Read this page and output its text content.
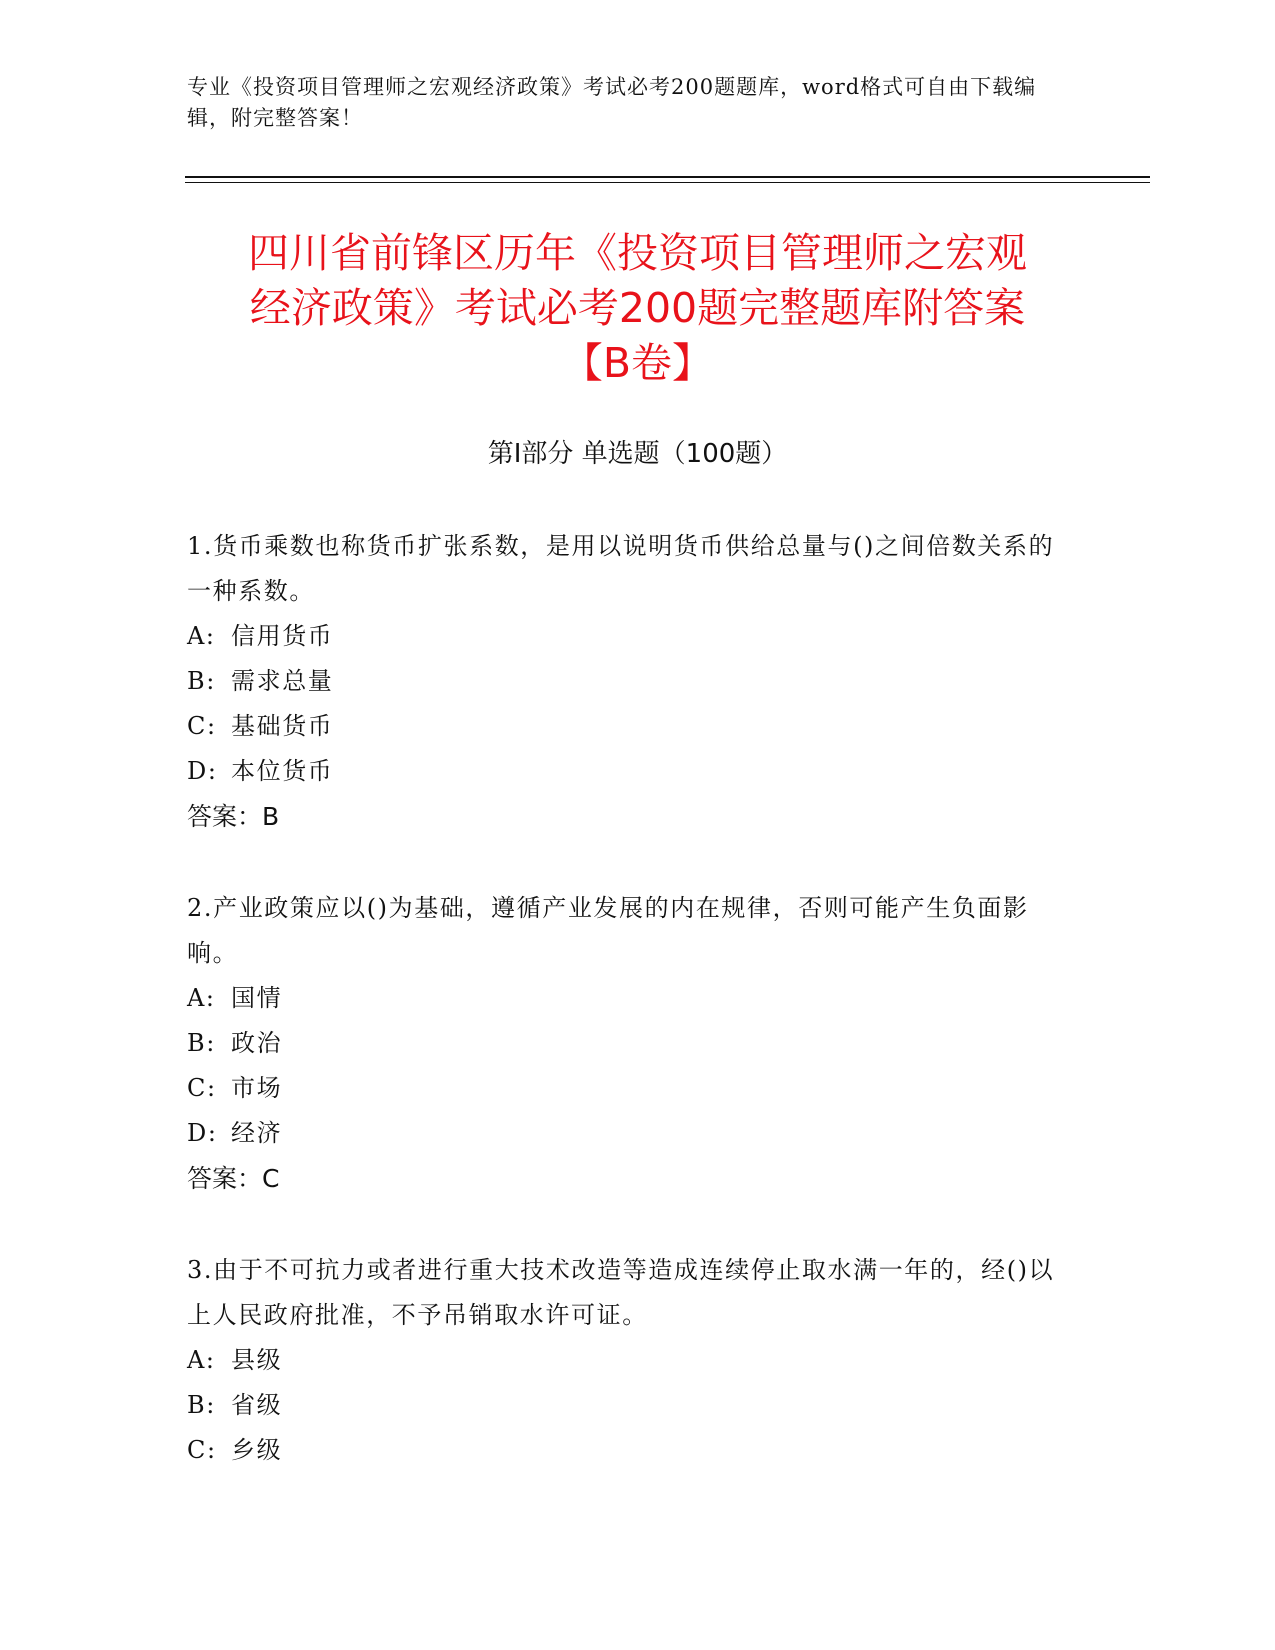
专业《投资项目管理师之宏观经济政策》考试必考200题题库，word格式可自由下载编辑，附完整答案！
四川省前锋区历年《投资项目管理师之宏观
经济政策》考试必考200题完整题库附答案
【B卷】
第Ⅰ部分 单选题（100题）

1.货币乘数也称货币扩张系数，是用以说明货币供给总量与()之间倍数关系的一种系数。

A: 信用货币
B: 需求总量
C: 基础货币
D: 本位货币

答案：B

2.产业政策应以()为基础，遵循产业发展的内在规律，否则可能产生负面影响。

A: 国情
B: 政治
C: 市场
D: 经济

答案：C

3.由于不可抗力或者进行重大技术改造等造成连续停止取水满一年的，经()以上人民政府批准，不予吊销取水许可证。

A: 县级
B: 省级
C: 乡级
